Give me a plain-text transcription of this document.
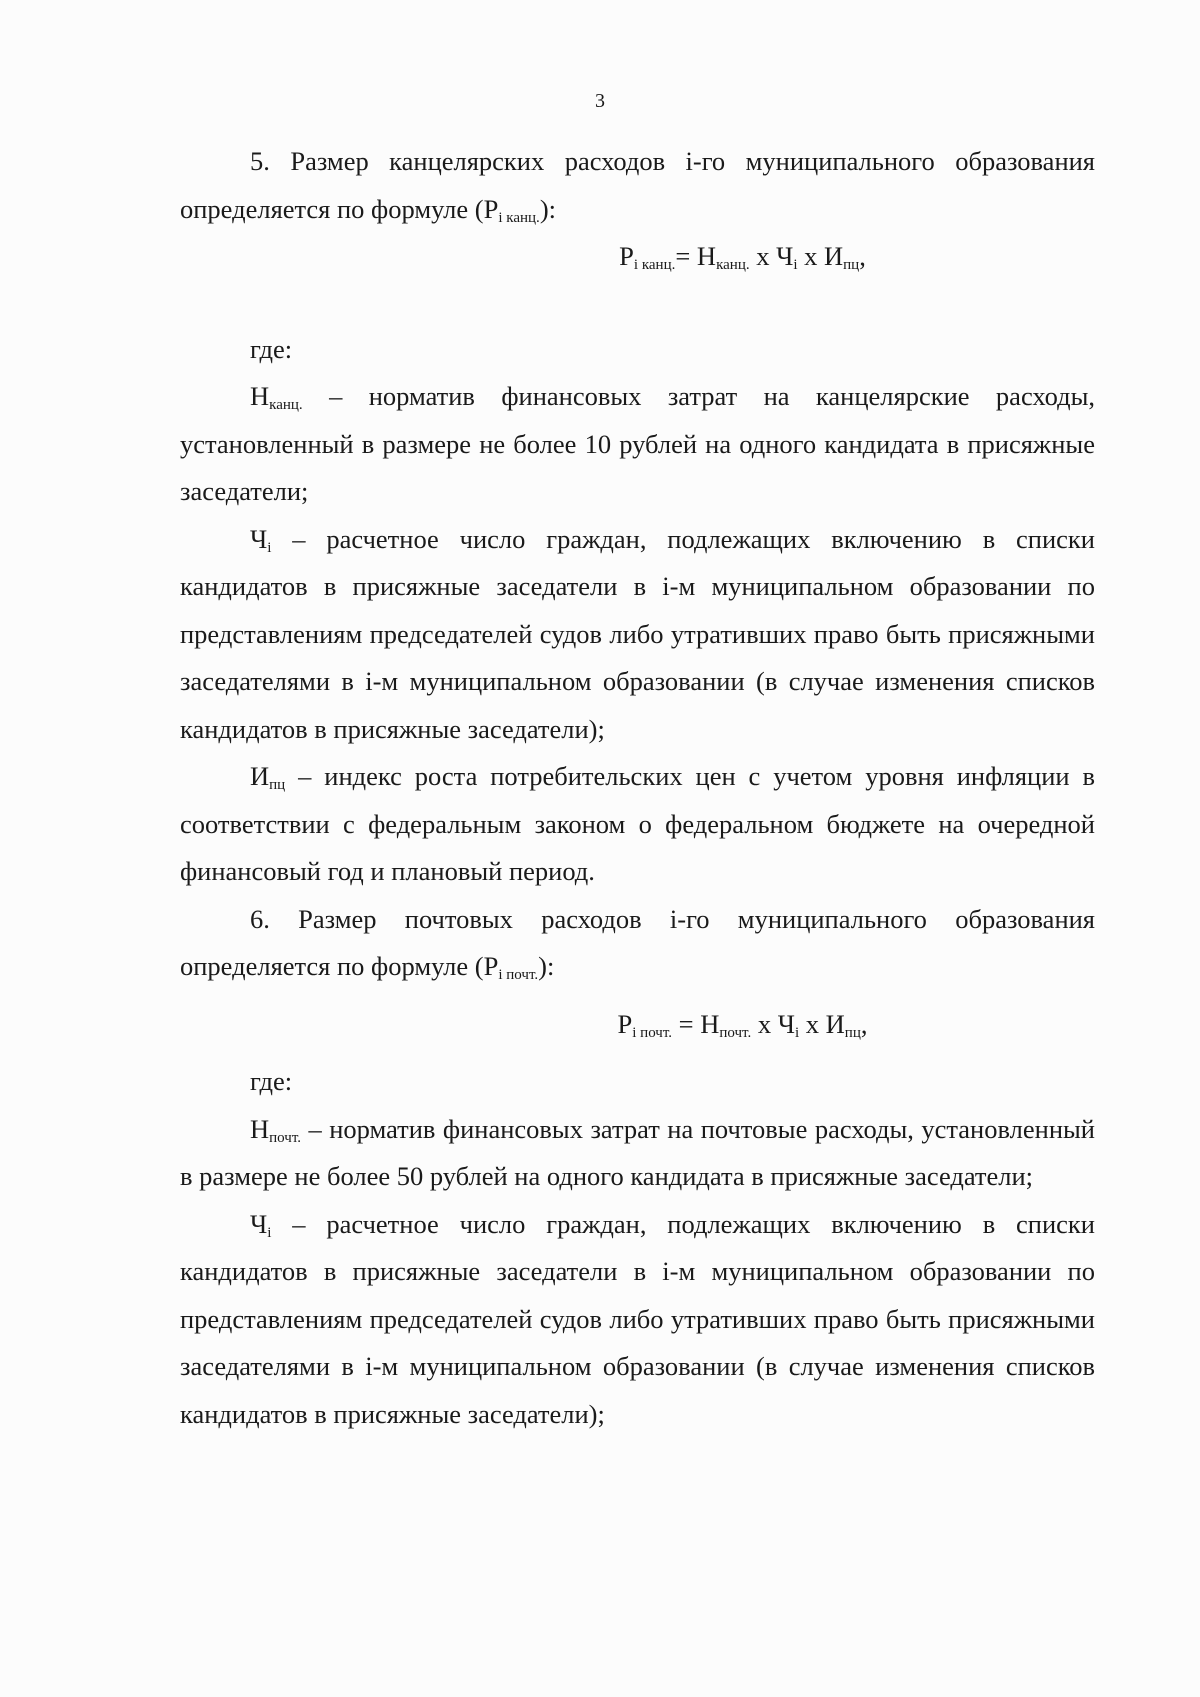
3

5. Размер канцелярских расходов i-го муниципального образования определяется по формуле $(Р_{i канц.})$:

$Р_{i канц.}= Н_{канц.}$ х $Ч_i$ х $И_{пц}$,

где:

$Н_{канц.}$ – норматив финансовых затрат на канцелярские расходы, установленный в размере не более 10 рублей на одного кандидата в присяжные заседатели;

$Ч_i$ – расчетное число граждан, подлежащих включению в списки кандидатов в присяжные заседатели в i-м муниципальном образовании по представлениям председателей судов либо утративших право быть присяжными заседателями в i-м муниципальном образовании (в случае изменения списков кандидатов в присяжные заседатели);

$И_{пц}$ – индекс роста потребительских цен с учетом уровня инфляции в соответствии с федеральным законом о федеральном бюджете на очередной финансовый год и плановый период.

6. Размер почтовых расходов i-го муниципального образования определяется по формуле $(Р_{i почт.})$:

$Р_{i почт.} = Н_{почт.}$ х $Ч_i$ х $И_{пц}$,

где:

$Н_{почт.}$ – норматив финансовых затрат на почтовые расходы, установленный в размере не более 50 рублей на одного кандидата в присяжные заседатели;

$Ч_i$ – расчетное число граждан, подлежащих включению в списки кандидатов в присяжные заседатели в i-м муниципальном образовании по представлениям председателей судов либо утративших право быть присяжными заседателями в i-м муниципальном образовании (в случае изменения списков кандидатов в присяжные заседатели);
